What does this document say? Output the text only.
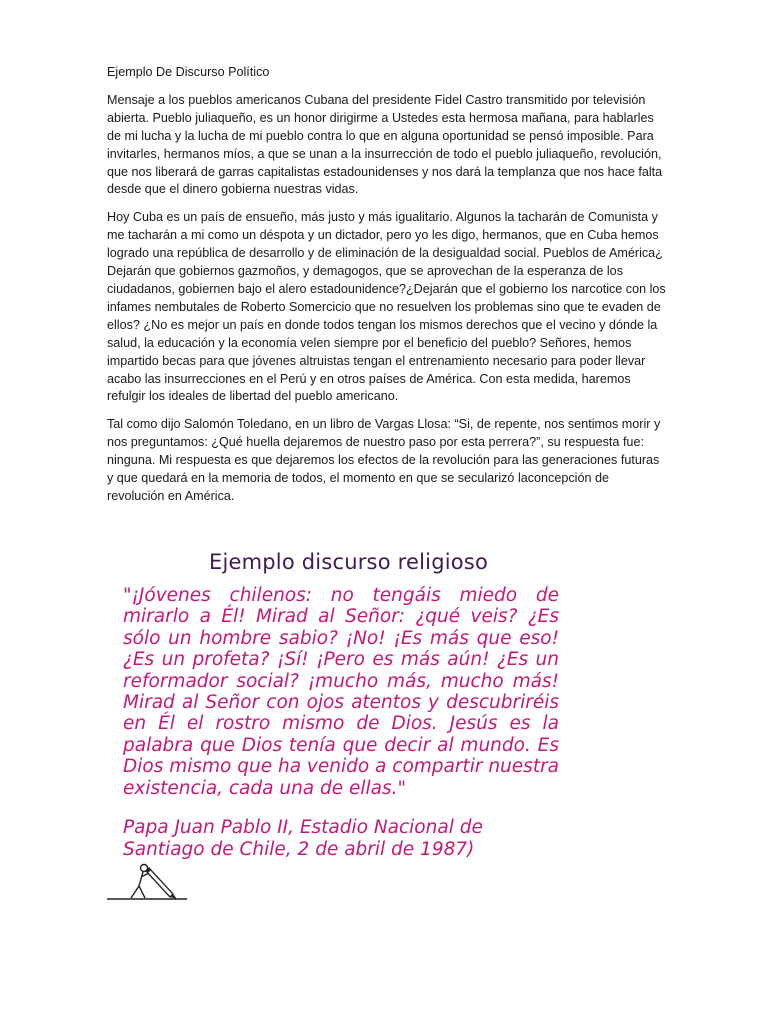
Ejemplo De Discurso Político

Mensaje a los pueblos americanos Cubana del presidente Fidel Castro transmitido por televisión abierta. Pueblo juliaqueño, es un honor dirigirme a Ustedes esta hermosa mañana, para hablarles de mi lucha y la lucha de mi pueblo contra lo que en alguna oportunidad se pensó imposible. Para invitarles, hermanos míos, a que se unan a la insurrección de todo el pueblo juliaqueño, revolución, que nos liberará de garras capitalistas estadounidenses y nos dará la templanza que nos hace falta desde que el dinero gobierna nuestras vidas.

Hoy Cuba es un país de ensueño, más justo y más igualitario. Algunos la tacharán de Comunista y me tacharán a mi como un déspota y un dictador, pero yo les digo, hermanos, que en Cuba hemos logrado una república de desarrollo y de eliminación de la desigualdad social. Pueblos de América¿ Dejarán que gobiernos gazmoños, y demagogos, que se aprovechan de la esperanza de los ciudadanos, gobiernen bajo el alero estadounidence?¿Dejarán que el gobierno los narcotice con los infames nembutales de Roberto Somercicio que no resuelven los problemas sino que te evaden de ellos? ¿No es mejor un país en donde todos tengan los mismos derechos que el vecino y dónde la salud, la educación y la economía velen siempre por el beneficio del pueblo? Señores, hemos impartido becas para que jóvenes altruistas tengan el entrenamiento necesario para poder llevar acabo las insurrecciones en el Perú y en otros países de América. Con esta medida, haremos refulgir los ideales de libertad del pueblo americano.

Tal como dijo Salomón Toledano, en un libro de Vargas Llosa: “Si, de repente, nos sentimos morir y nos preguntamos: ¿Qué huella dejaremos de nuestro paso por esta perrera?”, su respuesta fue: ninguna. Mi respuesta es que dejaremos los efectos de la revolución para las generaciones futuras y que quedará en la memoria de todos, el momento en que se secularizó laconcepción de revolución en América.

Ejemplo discurso religioso

"¡Jóvenes chilenos: no tengáis miedo de mirarlo a Él! Mirad al Señor: ¿qué veis? ¿Es sólo un hombre sabio? ¡No! ¡Es más que eso! ¿Es un profeta? ¡Sí! ¡Pero es más aún! ¿Es un reformador social? ¡mucho más, mucho más! Mirad al Señor con ojos atentos y descubriréis en Él el rostro mismo de Dios. Jesús es la palabra que Dios tenía que decir al mundo. Es Dios mismo que ha venido a compartir nuestra existencia, cada una de ellas."

Papa Juan Pablo II, Estadio Nacional de Santiago de Chile, 2 de abril de 1987)
